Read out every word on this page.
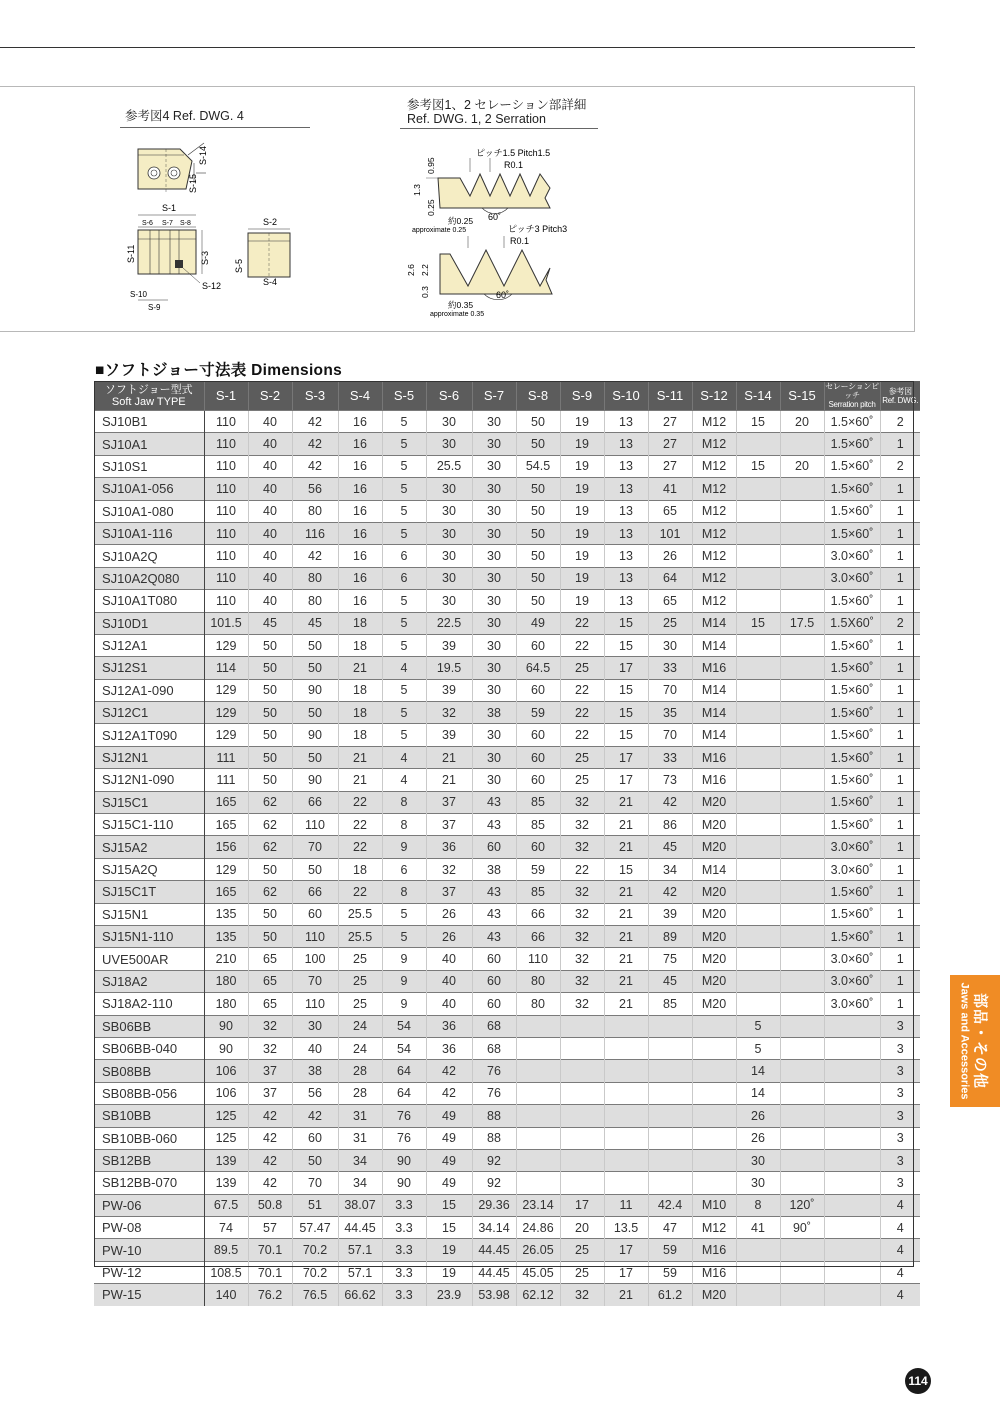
参考図4 Ref. DWG. 4
参考図1、2 セレーション部詳細
Ref. DWG. 1, 2 Serration
S-14
S-15
S-1
S-6 S-7 S-8
S-11	S-3
S-12
S-10
S-9
S-2
S-5
S-4
ピッチ1.5 Pitch1.5
R0.1
0.95
1.3
0.25
60˚
約0.25
approximate 0.25	ピッチ3 Pitch3
R0.1
2.6 2.2
0.3	60˚
約0.35
approximate 0.35
■ソフトジョー寸法表 Dimensions
ソフトジョー型式
Soft Jaw TYPE	S-1	S-2	S-3	S-4	S-5	S-6	S-7	S-8	S-9	S-10	S-11	S-12	S-14	S-15	セレーションピッチ
Serration pitch	参考図
Ref. DWG.
SJ10B1	110	40	42	16	5	30	30	50	19	13	27	M12	15	20	1.5×60˚	2
SJ10A1	110	40	42	16	5	30	30	50	19	13	27	M12			1.5×60˚	1
SJ10S1	110	40	42	16	5	25.5	30	54.5	19	13	27	M12	15	20	1.5×60˚	2
SJ10A1-056	110	40	56	16	5	30	30	50	19	13	41	M12			1.5×60˚	1
SJ10A1-080	110	40	80	16	5	30	30	50	19	13	65	M12			1.5×60˚	1
SJ10A1-116	110	40	116	16	5	30	30	50	19	13	101	M12			1.5×60˚	1
SJ10A2Q	110	40	42	16	6	30	30	50	19	13	26	M12			3.0×60˚	1
SJ10A2Q080	110	40	80	16	6	30	30	50	19	13	64	M12			3.0×60˚	1
SJ10A1T080	110	40	80	16	5	30	30	50	19	13	65	M12			1.5×60˚	1
SJ10D1	101.5	45	45	18	5	22.5	30	49	22	15	25	M14	15	17.5	1.5X60˚	2
SJ12A1	129	50	50	18	5	39	30	60	22	15	30	M14			1.5×60˚	1
SJ12S1	114	50	50	21	4	19.5	30	64.5	25	17	33	M16			1.5×60˚	1
SJ12A1-090	129	50	90	18	5	39	30	60	22	15	70	M14			1.5×60˚	1
SJ12C1	129	50	50	18	5	32	38	59	22	15	35	M14			1.5×60˚	1
SJ12A1T090	129	50	90	18	5	39	30	60	22	15	70	M14			1.5×60˚	1
SJ12N1	111	50	50	21	4	21	30	60	25	17	33	M16			1.5×60˚	1
SJ12N1-090	111	50	90	21	4	21	30	60	25	17	73	M16			1.5×60˚	1
SJ15C1	165	62	66	22	8	37	43	85	32	21	42	M20			1.5×60˚	1
SJ15C1-110	165	62	110	22	8	37	43	85	32	21	86	M20			1.5×60˚	1
SJ15A2	156	62	70	22	9	36	60	60	32	21	45	M20			3.0×60˚	1
SJ15A2Q	129	50	50	18	6	32	38	59	22	15	34	M14			3.0×60˚	1
SJ15C1T	165	62	66	22	8	37	43	85	32	21	42	M20			1.5×60˚	1
SJ15N1	135	50	60	25.5	5	26	43	66	32	21	39	M20			1.5×60˚	1
SJ15N1-110	135	50	110	25.5	5	26	43	66	32	21	89	M20			1.5×60˚	1
UVE500AR	210	65	100	25	9	40	60	110	32	21	75	M20			3.0×60˚	1
SJ18A2	180	65	70	25	9	40	60	80	32	21	45	M20			3.0×60˚	1
SJ18A2-110	180	65	110	25	9	40	60	80	32	21	85	M20			3.0×60˚	1
SB06BB	90	32	30	24	54	36	68						5			3
SB06BB-040	90	32	40	24	54	36	68						5			3
SB08BB	106	37	38	28	64	42	76						14			3
SB08BB-056	106	37	56	28	64	42	76						14			3
SB10BB	125	42	42	31	76	49	88						26			3
SB10BB-060	125	42	60	31	76	49	88						26			3
SB12BB	139	42	50	34	90	49	92						30			3
SB12BB-070	139	42	70	34	90	49	92						30			3
PW-06	67.5	50.8	51	38.07	3.3	15	29.36	23.14	17	11	42.4	M10	8	120˚		4
PW-08	74	57	57.47	44.45	3.3	15	34.14	24.86	20	13.5	47	M12	41	90˚		4
PW-10	89.5	70.1	70.2	57.1	3.3	19	44.45	26.05	25	17	59	M16				4
PW-12	108.5	70.1	70.2	57.1	3.3	19	44.45	45.05	25	17	59	M16				4
PW-15	140	76.2	76.5	66.62	3.3	23.9	53.98	62.12	32	21	61.2	M20				4
部品・その他
Jaws and Accessories
114
